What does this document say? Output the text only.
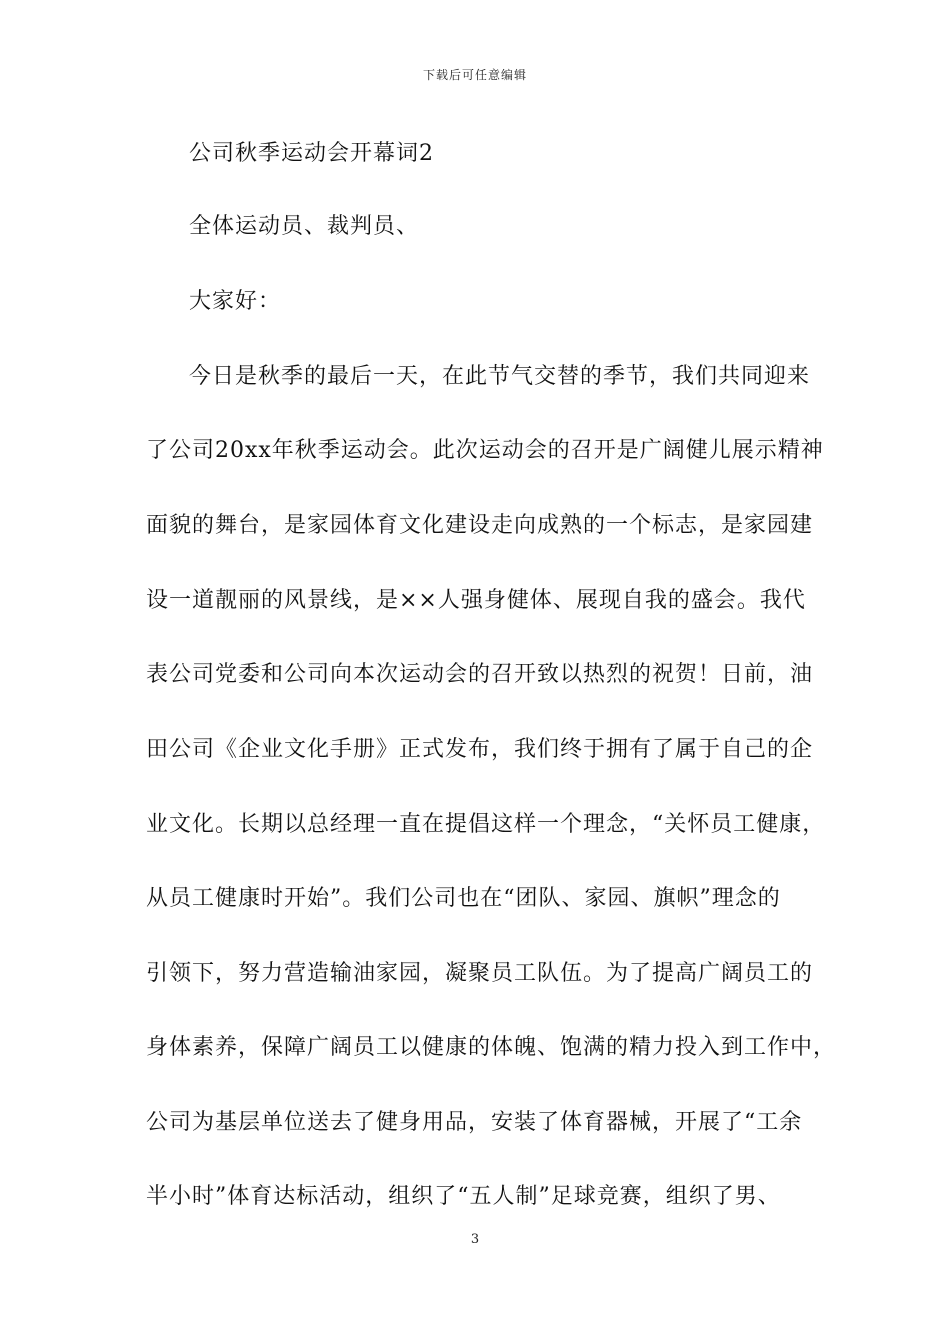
下载后可任意编辑
公司秋季运动会开幕词2
全体运动员、裁判员、
大家好：
今日是秋季的最后一天，在此节气交替的季节，我们共同迎来
了公司20xx年秋季运动会。此次运动会的召开是广阔健儿展示精神
面貌的舞台，是家园体育文化建设走向成熟的一个标志，是家园建
设一道靓丽的风景线，是××人强身健体、展现自我的盛会。我代
表公司党委和公司向本次运动会的召开致以热烈的祝贺！日前，油
田公司《企业文化手册》正式发布，我们终于拥有了属于自己的企
业文化。长期以总经理一直在提倡这样一个理念，“关怀员工健康，
从员工健康时开始”。我们公司也在“团队、家园、旗帜”理念的
引领下，努力营造输油家园，凝聚员工队伍。为了提高广阔员工的
身体素养，保障广阔员工以健康的体魄、饱满的精力投入到工作中，
公司为基层单位送去了健身用品，安装了体育器械，开展了“工余
半小时”体育达标活动，组织了“五人制”足球竞赛，组织了男、
3
